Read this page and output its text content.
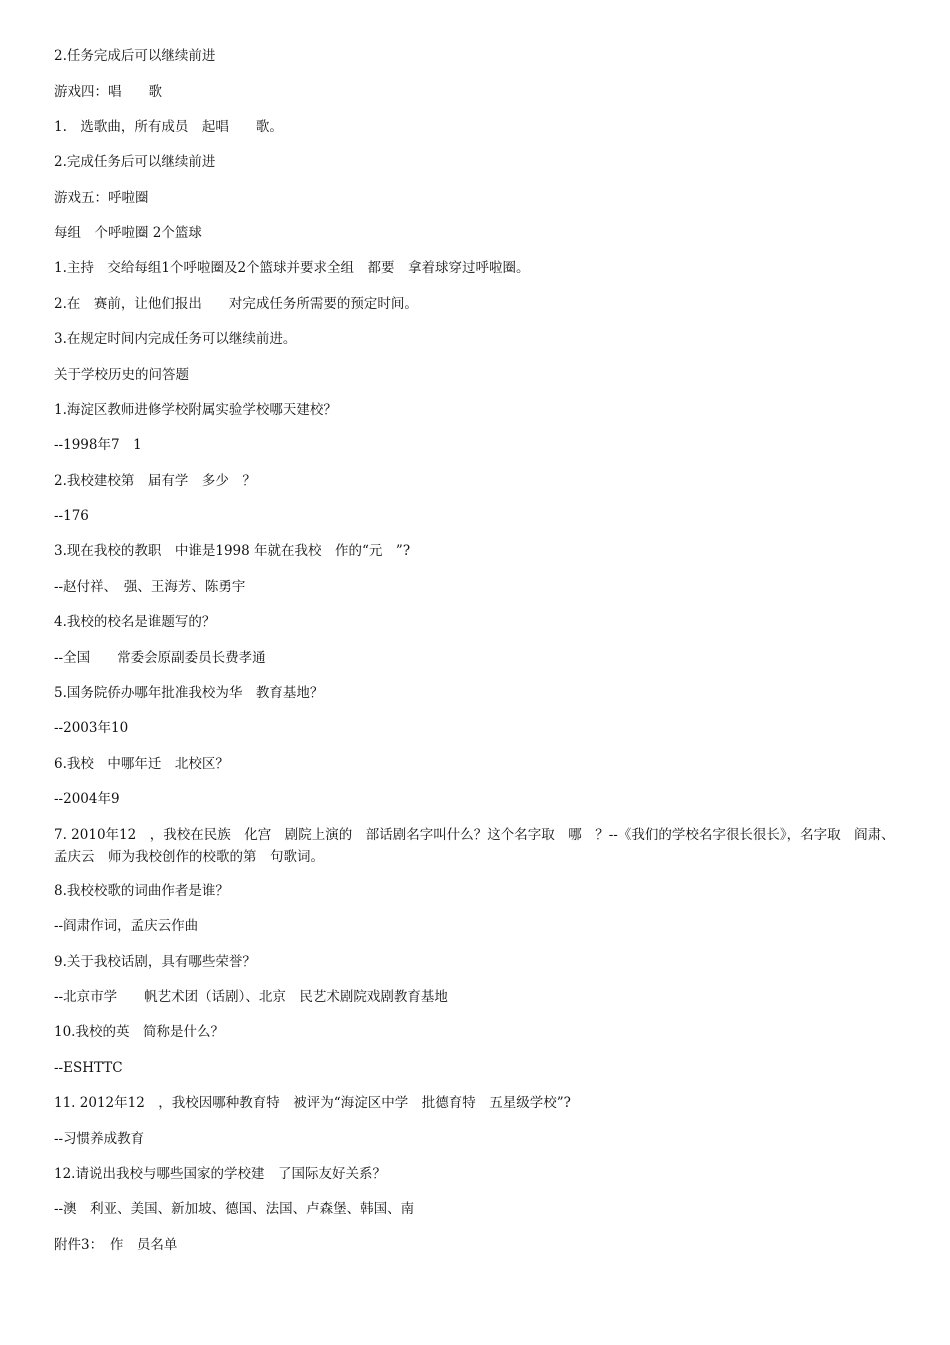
2.任务完成后可以继续前进

游戏四：唱　　歌

1.　选歌曲，所有成员　起唱　　歌。

2.完成任务后可以继续前进

游戏五：呼啦圈

每组　个呼啦圈 2个篮球

1.主持　交给每组1个呼啦圈及2个篮球并要求全组　都要　拿着球穿过呼啦圈。

2.在　赛前，让他们报出　　对完成任务所需要的预定时间。

3.在规定时间内完成任务可以继续前进。

关于学校历史的问答题

1.海淀区教师进修学校附属实验学校哪天建校？

--1998年7　1

2.我校建校第　届有学　多少　？

--176

3.现在我校的教职　中谁是1998 年就在我校　作的“元　”?

--赵付祥、　强、王海芳、陈勇宇

4.我校的校名是谁题写的？

--全国　　常委会原副委员长费孝通

5.国务院侨办哪年批准我校为华　教育基地？

--2003年10

6.我校　中哪年迁　北校区？

--2004年9

7. 2010年12　，我校在民族　化宫　剧院上演的　部话剧名字叫什么？这个名字取　哪　？--《我们的学校名字很长很长》，名字取　阎肃、孟庆云　师为我校创作的校歌的第　句歌词。

8.我校校歌的词曲作者是谁？

--阎肃作词，孟庆云作曲

9.关于我校话剧，具有哪些荣誉？

--北京市学　　帆艺术团（话剧）、北京　民艺术剧院戏剧教育基地

10.我校的英　简称是什么？

--ESHTTC

11. 2012年12　，我校因哪种教育特　被评为“海淀区中学　批德育特　五星级学校”?

--习惯养成教育

12.请说出我校与哪些国家的学校建　了国际友好关系？

--澳　利亚、美国、新加坡、德国、法国、卢森堡、韩国、南

附件3：　作　员名单
